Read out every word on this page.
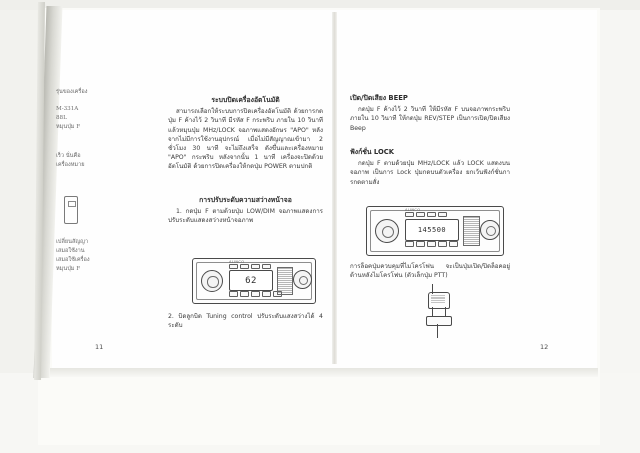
รุ่นของเครื่อง
M-331A
88L
หมุนปุ่ม F
เร็ว นั่นคือ
เครื่องหมาย
เปลี่ยนสัญญา
เสมอใช้งาน
เสมอใช้เครื่อง
หมุนปุ่ม F
ระบบปิดเครื่องอัตโนมัติ

สามารถเลือกให้ระบบการปิดเครื่องอัตโนมัติ ด้วยการกดปุ่ม F ค้างไว้ 2 วินาที มีรหัส F กระพริบ ภายใน 10 วินาที แล้วหมุนปุ่ม MHz/LOCK จอภาพแสดงอักษร "APO" หลังจากไม่มีการใช้งานอุปกรณ์ เมื่อไม่มีสัญญาณเข้ามา 2 ชั่วโมง 30 นาที จะไม่ถึงเสร็จ ดังขึ้นและเครื่องหมาย "APO" กระพริบ หลังจากนั้น 1 นาที เครื่องจะปิดด้วยอัตโนมัติ ด้วยการปิดเครื่องให้กดปุ่ม POWER ตามปกติ

การปรับระดับความสว่างหน้าจอ

1. กดปุ่ม F ตามด้วยปุ่ม LOW/DIM จอภาพแสดงการปรับระดับแสดงสว่างหน้าจอภาพ

62
ALINCO

2. บิดลูกบิด Tuning control ปรับระดับแสงสว่างได้ 4 ระดับ

11
เปิด/ปิดเสียง BEEP

กดปุ่ม F ค้างไว้ 2 วินาที ให้มีรหัส F บนจอภาพกระพริบ ภายใน 10 วินาที ให้กดปุ่ม REV/STEP เป็นการเปิด/ปิดเสียง Beep

ฟังก์ชั่น LOCK

กดปุ่ม F ตามด้วยปุ่ม MHz/LOCK แล้ว LOCK แสดงบนจอภาพ เป็นการ Lock ปุ่มกดบนตัวเครื่อง ยกเว้นฟังก์ชั่นการกดตามสั่ง

145500
ALINCO

การล็อคปุ่มควบคุมที่ไมโครโฟน จะเป็นปุ่มเปิด/ปิดล็อคอยู่ด้านหลังไมโครโฟน (ตัวเล็กปุ่ม PTT)

12
